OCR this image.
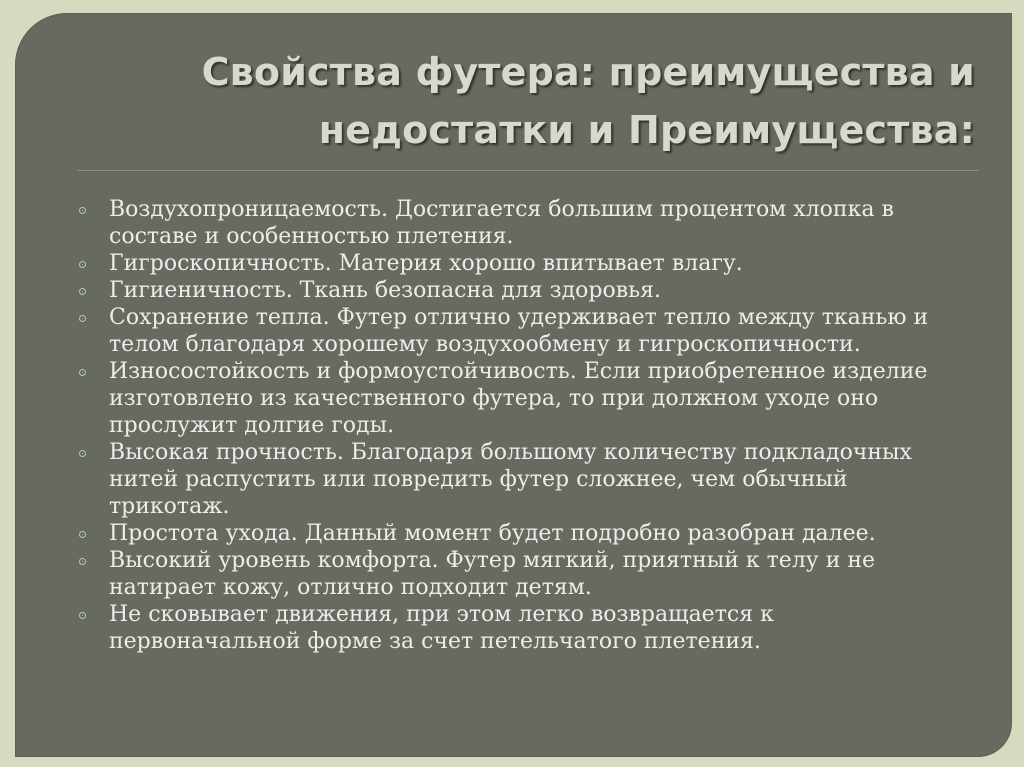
Свойства футера: преимущества и
недостатки и Преимущества:
Воздухопроницаемость. Достигается большим процентом хлопка в составе и особенностью плетения.
Гигроскопичность. Материя хорошо впитывает влагу.
Гигиеничность. Ткань безопасна для здоровья.
Сохранение тепла. Футер отлично удерживает тепло между тканью и телом благодаря хорошему воздухообмену и гигроскопичности.
Износостойкость и формоустойчивость. Если приобретенное изделие изготовлено из качественного футера, то при должном уходе оно прослужит долгие годы.
Высокая прочность. Благодаря большому количеству подкладочных нитей распустить или повредить футер сложнее, чем обычный трикотаж.
Простота ухода. Данный момент будет подробно разобран далее.
Высокий уровень комфорта. Футер мягкий, приятный к телу и не натирает кожу, отлично подходит детям.
Не сковывает движения, при этом легко возвращается к первоначальной форме за счет петельчатого плетения.
